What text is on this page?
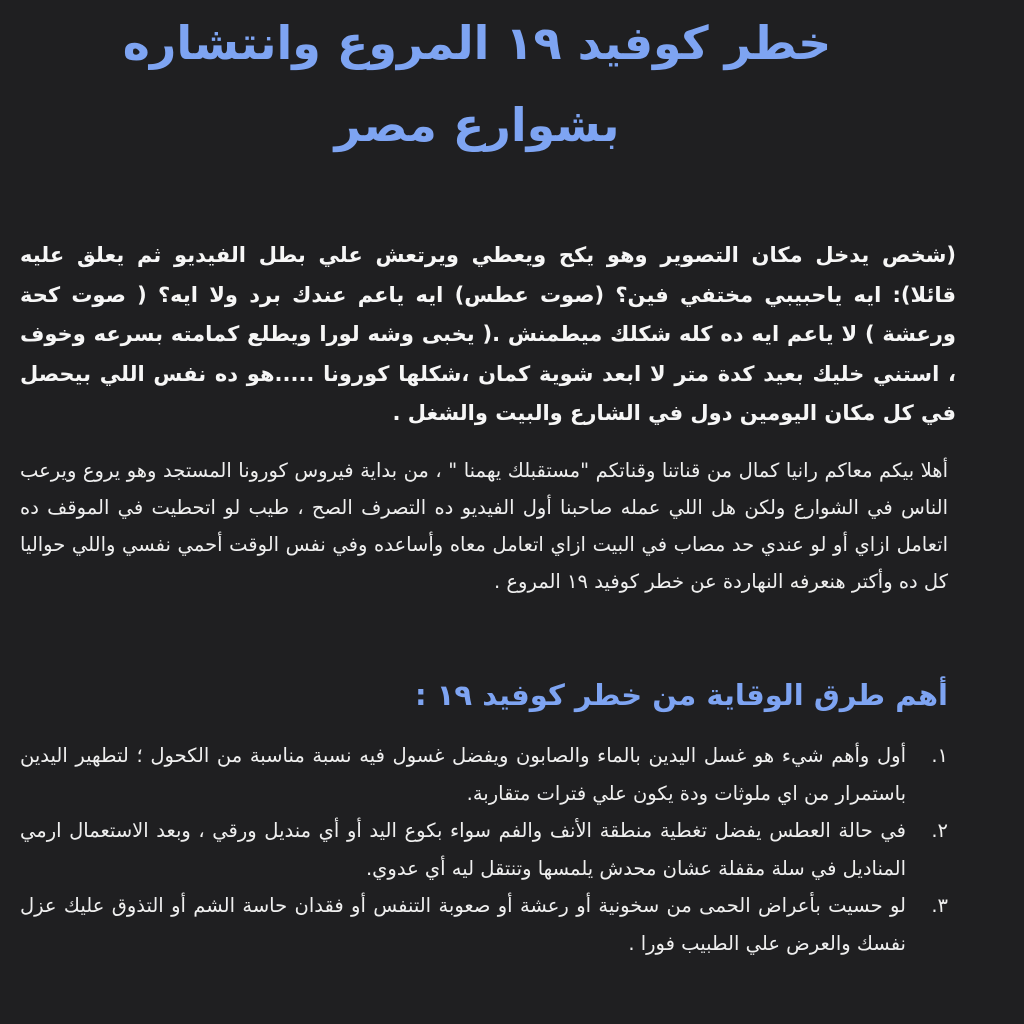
خطر كوفيد ١٩ المروع وانتشاره بشوارع مصر

(شخص يدخل مكان التصوير وهو يكح ويعطي ويرتعش علي بطل الفيديو ثم يعلق عليه قائلا): ايه ياحبيبي مختفي فين؟ (صوت عطس) ايه ياعم عندك برد ولا ايه؟ ( صوت كحة ورعشة ) لا ياعم ايه ده كله شكلك ميطمنش .( يخبى وشه لورا ويطلع كمامته بسرعه وخوف ، استني خليك بعيد كدة متر لا ابعد شوية كمان ،شكلها كورونا .....هو ده نفس اللي بيحصل في كل مكان اليومين دول في الشارع والبيت والشغل .

أهلا بيكم معاكم رانيا كمال من قناتنا وقناتكم "مستقبلك يهمنا " ، من بداية فيروس كورونا المستجد وهو يروع ويرعب الناس في الشوارع ولكن هل اللي عمله صاحبنا أول الفيديو ده التصرف الصح ، طيب لو اتحطيت في الموقف ده اتعامل ازاي أو لو عندي حد مصاب في البيت ازاي اتعامل معاه وأساعده وفي نفس الوقت أحمي نفسي واللي حواليا كل ده وأكتر هنعرفه النهاردة عن خطر كوفيد ١٩ المروع .

أهم طرق الوقاية من خطر كوفيد ١٩ :
١.
أول وأهم شيء هو غسل اليدين بالماء والصابون ويفضل غسول فيه نسبة مناسبة من الكحول ؛ لتطهير اليدين باستمرار من اي ملوثات ودة يكون علي فترات متقاربة.
٢.
في حالة العطس يفضل تغطية منطقة الأنف والفم سواء بكوع اليد أو أي منديل ورقي ، وبعد الاستعمال ارمي المناديل في سلة مقفلة عشان محدش يلمسها وتنتقل ليه أي عدوي.
٣.
لو حسيت بأعراض الحمى من سخونية أو رعشة أو صعوبة التنفس أو فقدان حاسة الشم أو التذوق عليك عزل نفسك والعرض علي الطبيب فورا .
